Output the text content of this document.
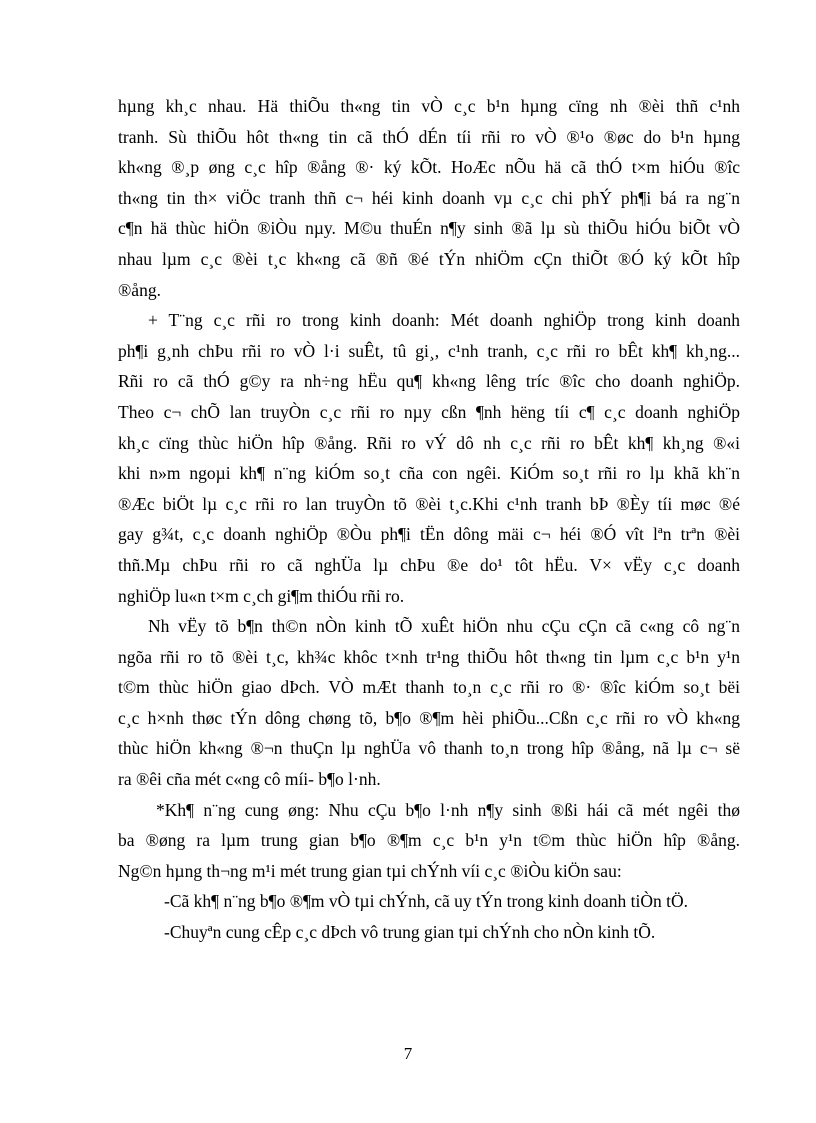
hµng kh¸c nhau. Hä thiÕu th«ng tin vÒ c¸c b¹n hµng cïng nh ®èi thñ c¹nh
tranh. Sù thiÕu hôt th«ng tin cã thÓ dÉn tíi rñi ro vÒ ®¹o ®øc do b¹n hµng
kh«ng ®¸p øng c¸c hîp ®ång ®· ký kÕt. HoÆc nÕu hä cã thÓ t×m hiÓu ®îc
th«ng tin th× viÖc tranh thñ c¬ héi kinh doanh vµ c¸c chi phÝ ph¶i bá ra ng¨n
c¶n hä thùc hiÖn ®iÒu nµy. M©u thuÉn n¶y sinh ®ã lµ sù thiÕu hiÓu biÕt vÒ
nhau lµm c¸c ®èi t¸c kh«ng cã ®ñ ®é tÝn nhiÖm cÇn thiÕt ®Ó ký kÕt hîp
®ång.
+ T¨ng c¸c rñi ro trong kinh doanh: Mét doanh nghiÖp trong kinh doanh
ph¶i g¸nh chÞu rñi ro vÒ l·i suÊt, tû gi¸, c¹nh tranh, c¸c rñi ro bÊt kh¶ kh¸ng...
Rñi ro cã thÓ g©y ra nh÷ng hËu qu¶ kh«ng lêng tríc ®îc cho doanh nghiÖp.
Theo c¬ chÕ lan truyÒn c¸c rñi ro nµy cßn ¶nh hëng tíi c¶ c¸c doanh nghiÖp
kh¸c cïng thùc hiÖn hîp ®ång. Rñi ro vÝ dô nh c¸c rñi ro bÊt kh¶ kh¸ng ®«i
khi n»m ngoµi kh¶ n¨ng kiÓm so¸t cña con ngêi. KiÓm so¸t rñi ro lµ khã kh¨n
®Æc biÖt lµ c¸c rñi ro lan truyÒn tõ ®èi t¸c.Khi c¹nh tranh bÞ ®Èy tíi møc ®é
gay g¾t, c¸c doanh nghiÖp ®Òu ph¶i tËn dông mäi c¬ héi ®Ó vît lªn trªn ®èi
thñ.Mµ chÞu rñi ro cã nghÜa lµ chÞu ®e do¹ tôt hËu. V× vËy c¸c doanh
nghiÖp lu«n t×m c¸ch gi¶m thiÓu rñi ro.
Nh vËy tõ b¶n th©n nÒn kinh tÕ xuÊt hiÖn nhu cÇu cÇn cã c«ng cô ng¨n
ngõa rñi ro tõ ®èi t¸c, kh¾c khôc t×nh tr¹ng thiÕu hôt th«ng tin lµm c¸c b¹n y¹n
t©m thùc hiÖn giao dÞch. VÒ mÆt thanh to¸n c¸c rñi ro ®· ®îc kiÓm so¸t bëi
c¸c h×nh thøc tÝn dông chøng tõ, b¶o ®¶m hèi phiÕu...Cßn c¸c rñi ro vÒ kh«ng
thùc hiÖn kh«ng ®¬n thuÇn lµ nghÜa vô thanh to¸n trong hîp ®ång, nã lµ c¬ së
ra ®êi cña mét c«ng cô míi- b¶o l·nh.
*Kh¶ n¨ng cung øng: Nhu cÇu b¶o l·nh n¶y sinh ®ßi hái cã mét ngêi thø
ba ®øng ra lµm trung gian b¶o ®¶m c¸c b¹n y¹n t©m thùc hiÖn hîp ®ång.
Ng©n hµng th¬ng m¹i mét trung gian tµi chÝnh víi c¸c ®iÒu kiÖn sau:
-Cã kh¶ n¨ng b¶o ®¶m vÒ tµi chÝnh, cã uy tÝn trong kinh doanh tiÒn tÖ.
-Chuyªn cung cÊp c¸c dÞch vô trung gian tµi chÝnh cho nÒn kinh tÕ.
7
